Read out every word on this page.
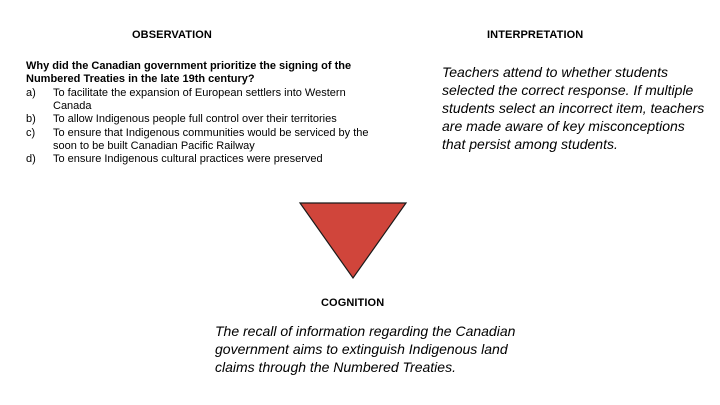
OBSERVATION	INTERPRETATION
Why did the Canadian government prioritize the signing of the Numbered Treaties in the late 19th century?
a)	To facilitate the expansion of European settlers into Western Canada
b)	To allow Indigenous people full control over their territories
c)	To ensure that Indigenous communities would be serviced by the soon to be built Canadian Pacific Railway
d)	To ensure Indigenous cultural practices were preserved
Teachers attend to whether students selected the correct response. If multiple students select an incorrect item, teachers are made aware of key misconceptions that persist among students.
COGNITION
The recall of information regarding the Canadian government aims to extinguish Indigenous land claims through the Numbered Treaties.
